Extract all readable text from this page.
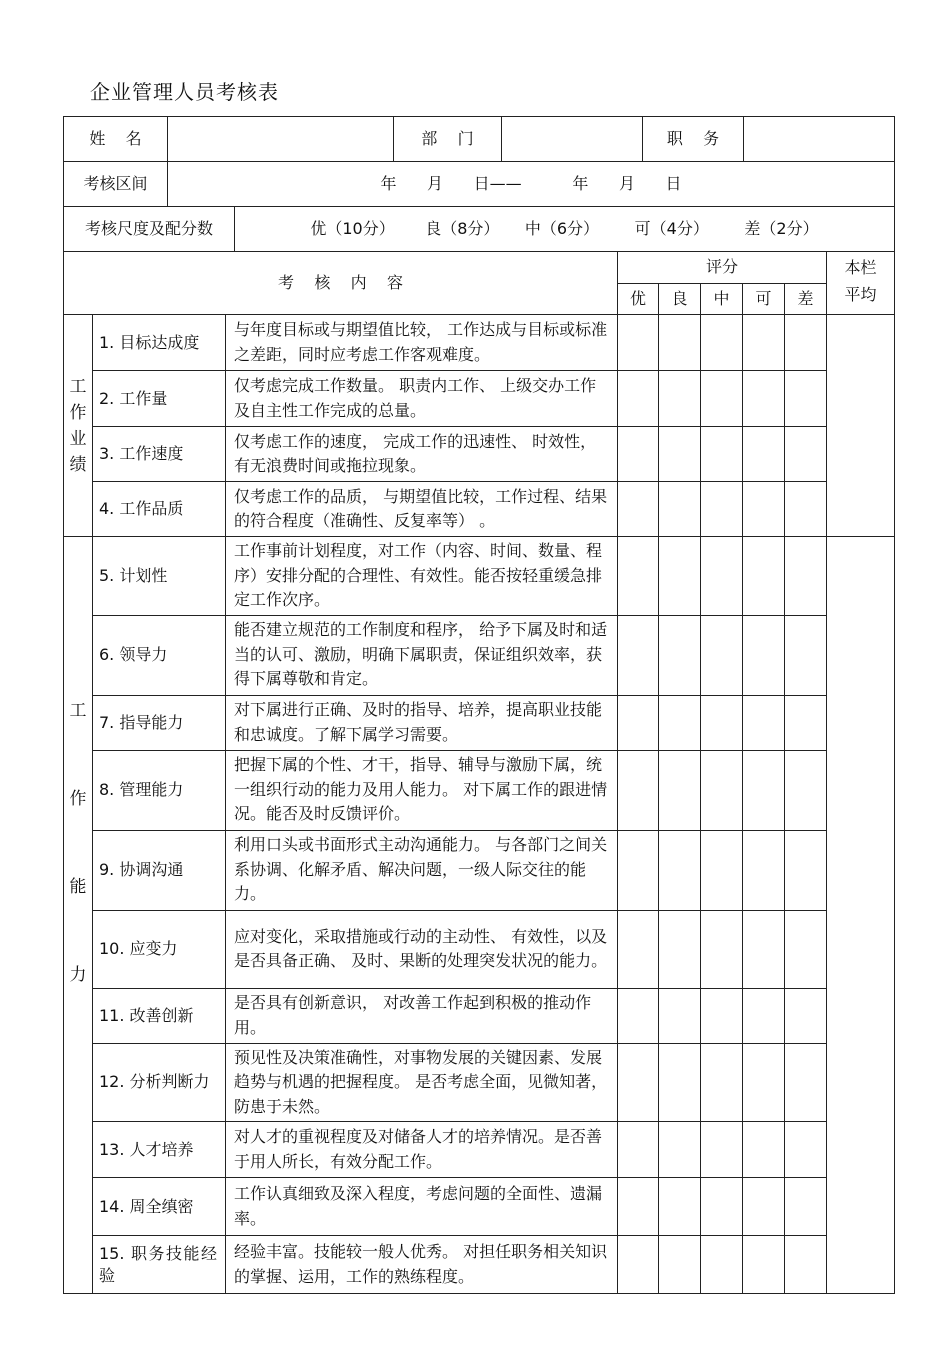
企业管理人员考核表
姓    名		部    门		职    务	
考核区间	年      月      日——          年      月      日				
考核尺度及配分数	优（10分）      良（8分）     中（6分）       可（4分）       差（2分）
考    核    内    容			评分					本栏平均
			优	良	中	可	差	
工作业绩	1. 目标达成度	与年度目标或与期望值比较， 工作达成与目标或标准之差距，同时应考虑工作客观难度。						
	2. 工作量	仅考虑完成工作数量。 职责内工作、 上级交办工作及自主性工作完成的总量。						
	3. 工作速度	仅考虑工作的速度， 完成工作的迅速性、 时效性，有无浪费时间或拖拉现象。						
	4. 工作品质	仅考虑工作的品质， 与期望值比较，工作过程、结果的符合程度（准确性、反复率等） 。						
工作能力	5. 计划性	工作事前计划程度，对工作（内容、时间、数量、程序）安排分配的合理性、有效性。能否按轻重缓急排定工作次序。						
	6. 领导力	能否建立规范的工作制度和程序， 给予下属及时和适当的认可、激励，明确下属职责，保证组织效率，获得下属尊敬和肯定。						
	7. 指导能力	对下属进行正确、及时的指导、培养，提高职业技能和忠诚度。了解下属学习需要。						
	8. 管理能力	把握下属的个性、才干，指导、辅导与激励下属，统一组织行动的能力及用人能力。 对下属工作的跟进情况。能否及时反馈评价。						
	9. 协调沟通	利用口头或书面形式主动沟通能力。 与各部门之间关系协调、化解矛盾、解决问题，一级人际交往的能力。						
	10. 应变力	应对变化，采取措施或行动的主动性、 有效性，以及是否具备正确、 及时、果断的处理突发状况的能力。						
	11. 改善创新	是否具有创新意识， 对改善工作起到积极的推动作用。						
	12. 分析判断力	预见性及决策准确性，对事物发展的关键因素、发展趋势与机遇的把握程度。 是否考虑全面，见微知著，防患于未然。						
	13. 人才培养	对人才的重视程度及对储备人才的培养情况。是否善于用人所长，有效分配工作。						
	14. 周全缜密	工作认真细致及深入程度，考虑问题的全面性、遗漏率。						
	15. 职务技能经验	经验丰富。技能较一般人优秀。 对担任职务相关知识的掌握、运用，工作的熟练程度。						
